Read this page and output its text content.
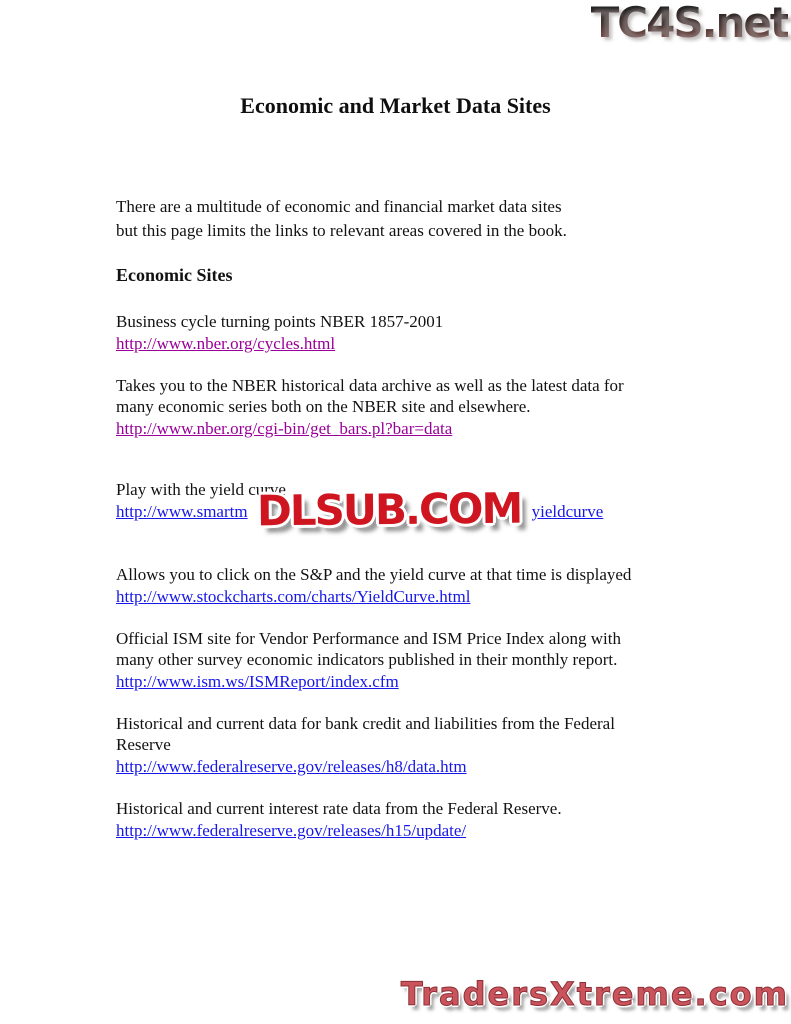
TC4S.net
Economic and Market Data Sites

There are a multitude of economic and financial market data sites
but this page limits the links to relevant areas covered in the book.

Economic Sites
Business cycle turning points NBER 1857-2001
http://www.nber.org/cycles.html
Takes you to the NBER historical data archive as well as the latest data for
many economic series both on the NBER site and elsewhere.
http://www.nber.org/cgi-bin/get_bars.pl?bar=data
Play with the yield curve
http://www.smartm	yieldcurve
Allows you to click on the S&P and the yield curve at that time is displayed
http://www.stockcharts.com/charts/YieldCurve.html
Official ISM site for Vendor Performance and ISM Price Index along with
many other survey economic indicators published in their monthly report.
http://www.ism.ws/ISMReport/index.cfm
Historical and current data for bank credit and liabilities from the Federal
Reserve
http://www.federalreserve.gov/releases/h8/data.htm
Historical and current interest rate data from the Federal Reserve.
http://www.federalreserve.gov/releases/h15/update/
DLSUB.COM
TradersXtreme.com
